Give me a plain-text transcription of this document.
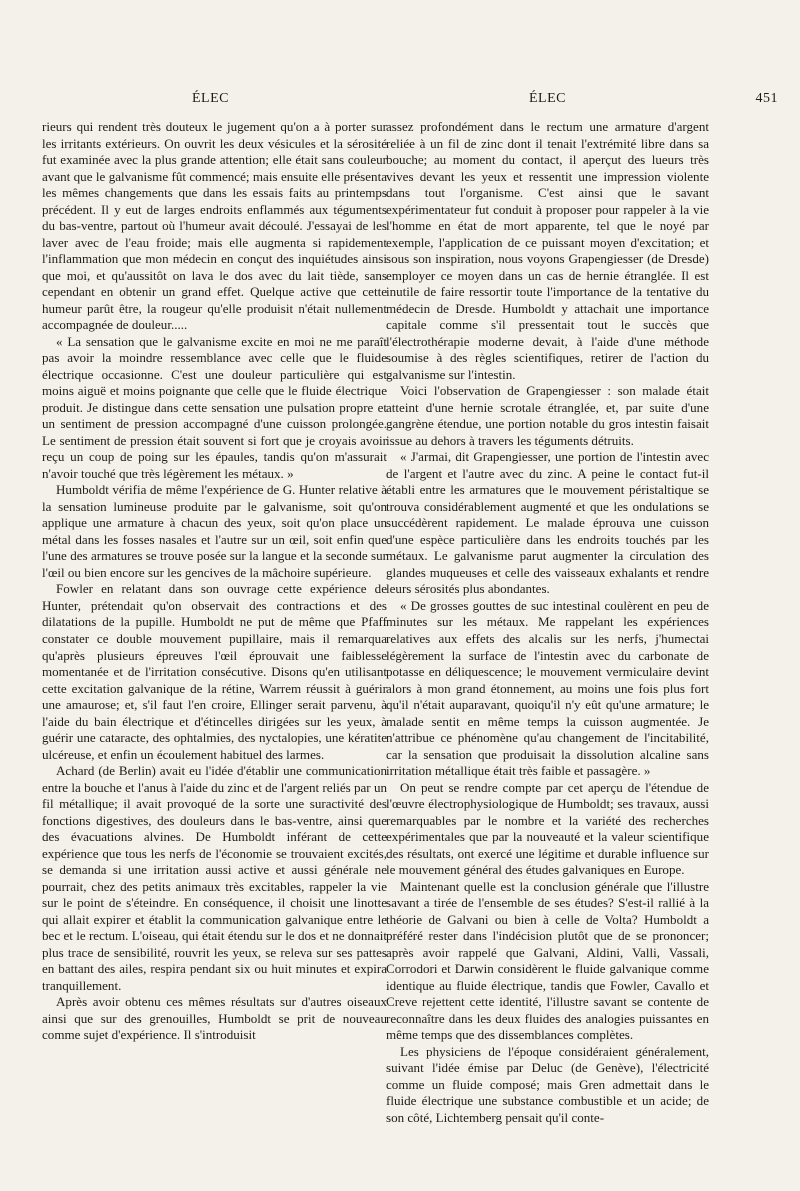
ÉLEC	ÉLEC	451

rieurs qui rendent très douteux le jugement qu'on a à porter sur les irritants extérieurs. On ouvrit les deux vésicules et la sérosité fut examinée avec la plus grande attention; elle était sans couleur avant que le galvanisme fût commencé; mais ensuite elle présenta les mêmes changements que dans les essais faits au printemps précédent. Il y eut de larges endroits enflammés aux téguments du bas-ventre, partout où l'humeur avait découlé. J'essayai de les laver avec de l'eau froide; mais elle augmenta si rapidement l'inflammation que mon médecin en conçut des inquiétudes ainsi que moi, et qu'aussitôt on lava le dos avec du lait tiède, sans cependant en obtenir un grand effet. Quelque active que cette humeur parût être, la rougeur qu'elle produisit n'était nullement accompagnée de douleur.....

« La sensation que le galvanisme excite en moi ne me paraît pas avoir la moindre ressemblance avec celle que le fluide électrique occasionne. C'est une douleur particulière qui est moins aiguë et moins poignante que celle que le fluide électrique produit. Je distingue dans cette sensation une pulsation propre et un sentiment de pression accompagné d'une cuisson prolongée. Le sentiment de pression était souvent si fort que je croyais avoir reçu un coup de poing sur les épaules, tandis qu'on m'assurait n'avoir touché que très légèrement les métaux. »

Humboldt vérifia de même l'expérience de G. Hunter relative à la sensation lumineuse produite par le galvanisme, soit qu'on applique une armature à chacun des yeux, soit qu'on place un métal dans les fosses nasales et l'autre sur un œil, soit enfin que l'une des armatures se trouve posée sur la langue et la seconde sur l'œil ou bien encore sur les gencives de la mâchoire supérieure.

Fowler en relatant dans son ouvrage cette expérience de Hunter, prétendait qu'on observait des contractions et des dilatations de la pupille. Humboldt ne put de même que Pfaff constater ce double mouvement pupillaire, mais il remarqua qu'après plusieurs épreuves l'œil éprouvait une faiblesse momentanée et de l'irritation consécutive. Disons qu'en utilisant cette excitation galvanique de la rétine, Warrem réussit à guérir une amaurose; et, s'il faut l'en croire, Ellinger serait parvenu, à l'aide du bain électrique et d'étincelles dirigées sur les yeux, à guérir une cataracte, des ophtalmies, des nyctalopies, une kératite ulcéreuse, et enfin un écoulement habituel des larmes.

Achard (de Berlin) avait eu l'idée d'établir une communication entre la bouche et l'anus à l'aide du zinc et de l'argent reliés par un fil métallique; il avait provoqué de la sorte une suractivité des fonctions digestives, des douleurs dans le bas-ventre, ainsi que des évacuations alvines. De Humboldt inférant de cette expérience que tous les nerfs de l'économie se trouvaient excités, se demanda si une irritation aussi active et aussi générale ne pourrait, chez des petits animaux très excitables, rappeler la vie sur le point de s'éteindre. En conséquence, il choisit une linotte qui allait expirer et établit la communication galvanique entre le bec et le rectum. L'oiseau, qui était étendu sur le dos et ne donnait plus trace de sensibilité, rouvrit les yeux, se releva sur ses pattes en battant des ailes, respira pendant six ou huit minutes et expira tranquillement.

Après avoir obtenu ces mêmes résultats sur d'autres oiseaux ainsi que sur des grenouilles, Humboldt se prit de nouveau comme sujet d'expérience. Il s'introduisit

assez profondément dans le rectum une armature d'argent reliée à un fil de zinc dont il tenait l'extrémité libre dans sa bouche; au moment du contact, il aperçut des lueurs très vives devant les yeux et ressentit une impression violente dans tout l'organisme. C'est ainsi que le savant expérimentateur fut conduit à proposer pour rappeler à la vie l'homme en état de mort apparente, tel que le noyé par exemple, l'application de ce puissant moyen d'excitation; et sous son inspiration, nous voyons Grapengiesser (de Dresde) employer ce moyen dans un cas de hernie étranglée. Il est inutile de faire ressortir toute l'importance de la tentative du médecin de Dresde. Humboldt y attachait une importance capitale comme s'il pressentait tout le succès que l'électrothérapie moderne devait, à l'aide d'une méthode soumise à des règles scientifiques, retirer de l'action du galvanisme sur l'intestin.

Voici l'observation de Grapengiesser : son malade était atteint d'une hernie scrotale étranglée, et, par suite d'une gangrène étendue, une portion notable du gros intestin faisait issue au dehors à travers les téguments détruits.

« J'armai, dit Grapengiesser, une portion de l'intestin avec de l'argent et l'autre avec du zinc. A peine le contact fut-il établi entre les armatures que le mouvement péristaltique se trouva considérablement augmenté et que les ondulations se succédèrent rapidement. Le malade éprouva une cuisson d'une espèce particulière dans les endroits touchés par les métaux. Le galvanisme parut augmenter la circulation des glandes muqueuses et celle des vaisseaux exhalants et rendre leurs sérosités plus abondantes.

« De grosses gouttes de suc intestinal coulèrent en peu de minutes sur les métaux. Me rappelant les expériences relatives aux effets des alcalis sur les nerfs, j'humectai légèrement la surface de l'intestin avec du carbonate de potasse en déliquescence; le mouvement vermiculaire devint alors à mon grand étonnement, au moins une fois plus fort qu'il n'était auparavant, quoiqu'il n'y eût qu'une armature; le malade sentit en même temps la cuisson augmentée. Je n'attribue ce phénomène qu'au changement de l'incitabilité, car la sensation que produisait la dissolution alcaline sans irritation métallique était très faible et passagère. »

On peut se rendre compte par cet aperçu de l'étendue de l'œuvre électrophysiologique de Humboldt; ses travaux, aussi remarquables par le nombre et la variété des recherches expérimentales que par la nouveauté et la valeur scientifique des résultats, ont exercé une légitime et durable influence sur le mouvement général des études galvaniques en Europe.

Maintenant quelle est la conclusion générale que l'illustre savant a tirée de l'ensemble de ses études? S'est-il rallié à la théorie de Galvani ou bien à celle de Volta? Humboldt a préféré rester dans l'indécision plutôt que de se prononcer; après avoir rappelé que Galvani, Aldini, Valli, Vassali, Corrodori et Darwin considèrent le fluide galvanique comme identique au fluide électrique, tandis que Fowler, Cavallo et Creve rejettent cette identité, l'illustre savant se contente de reconnaître dans les deux fluides des analogies puissantes en même temps que des dissemblances complètes.

Les physiciens de l'époque considéraient généralement, suivant l'idée émise par Deluc (de Genève), l'électricité comme un fluide composé; mais Gren admettait dans le fluide électrique une substance combustible et un acide; de son côté, Lichtemberg pensait qu'il conte-
